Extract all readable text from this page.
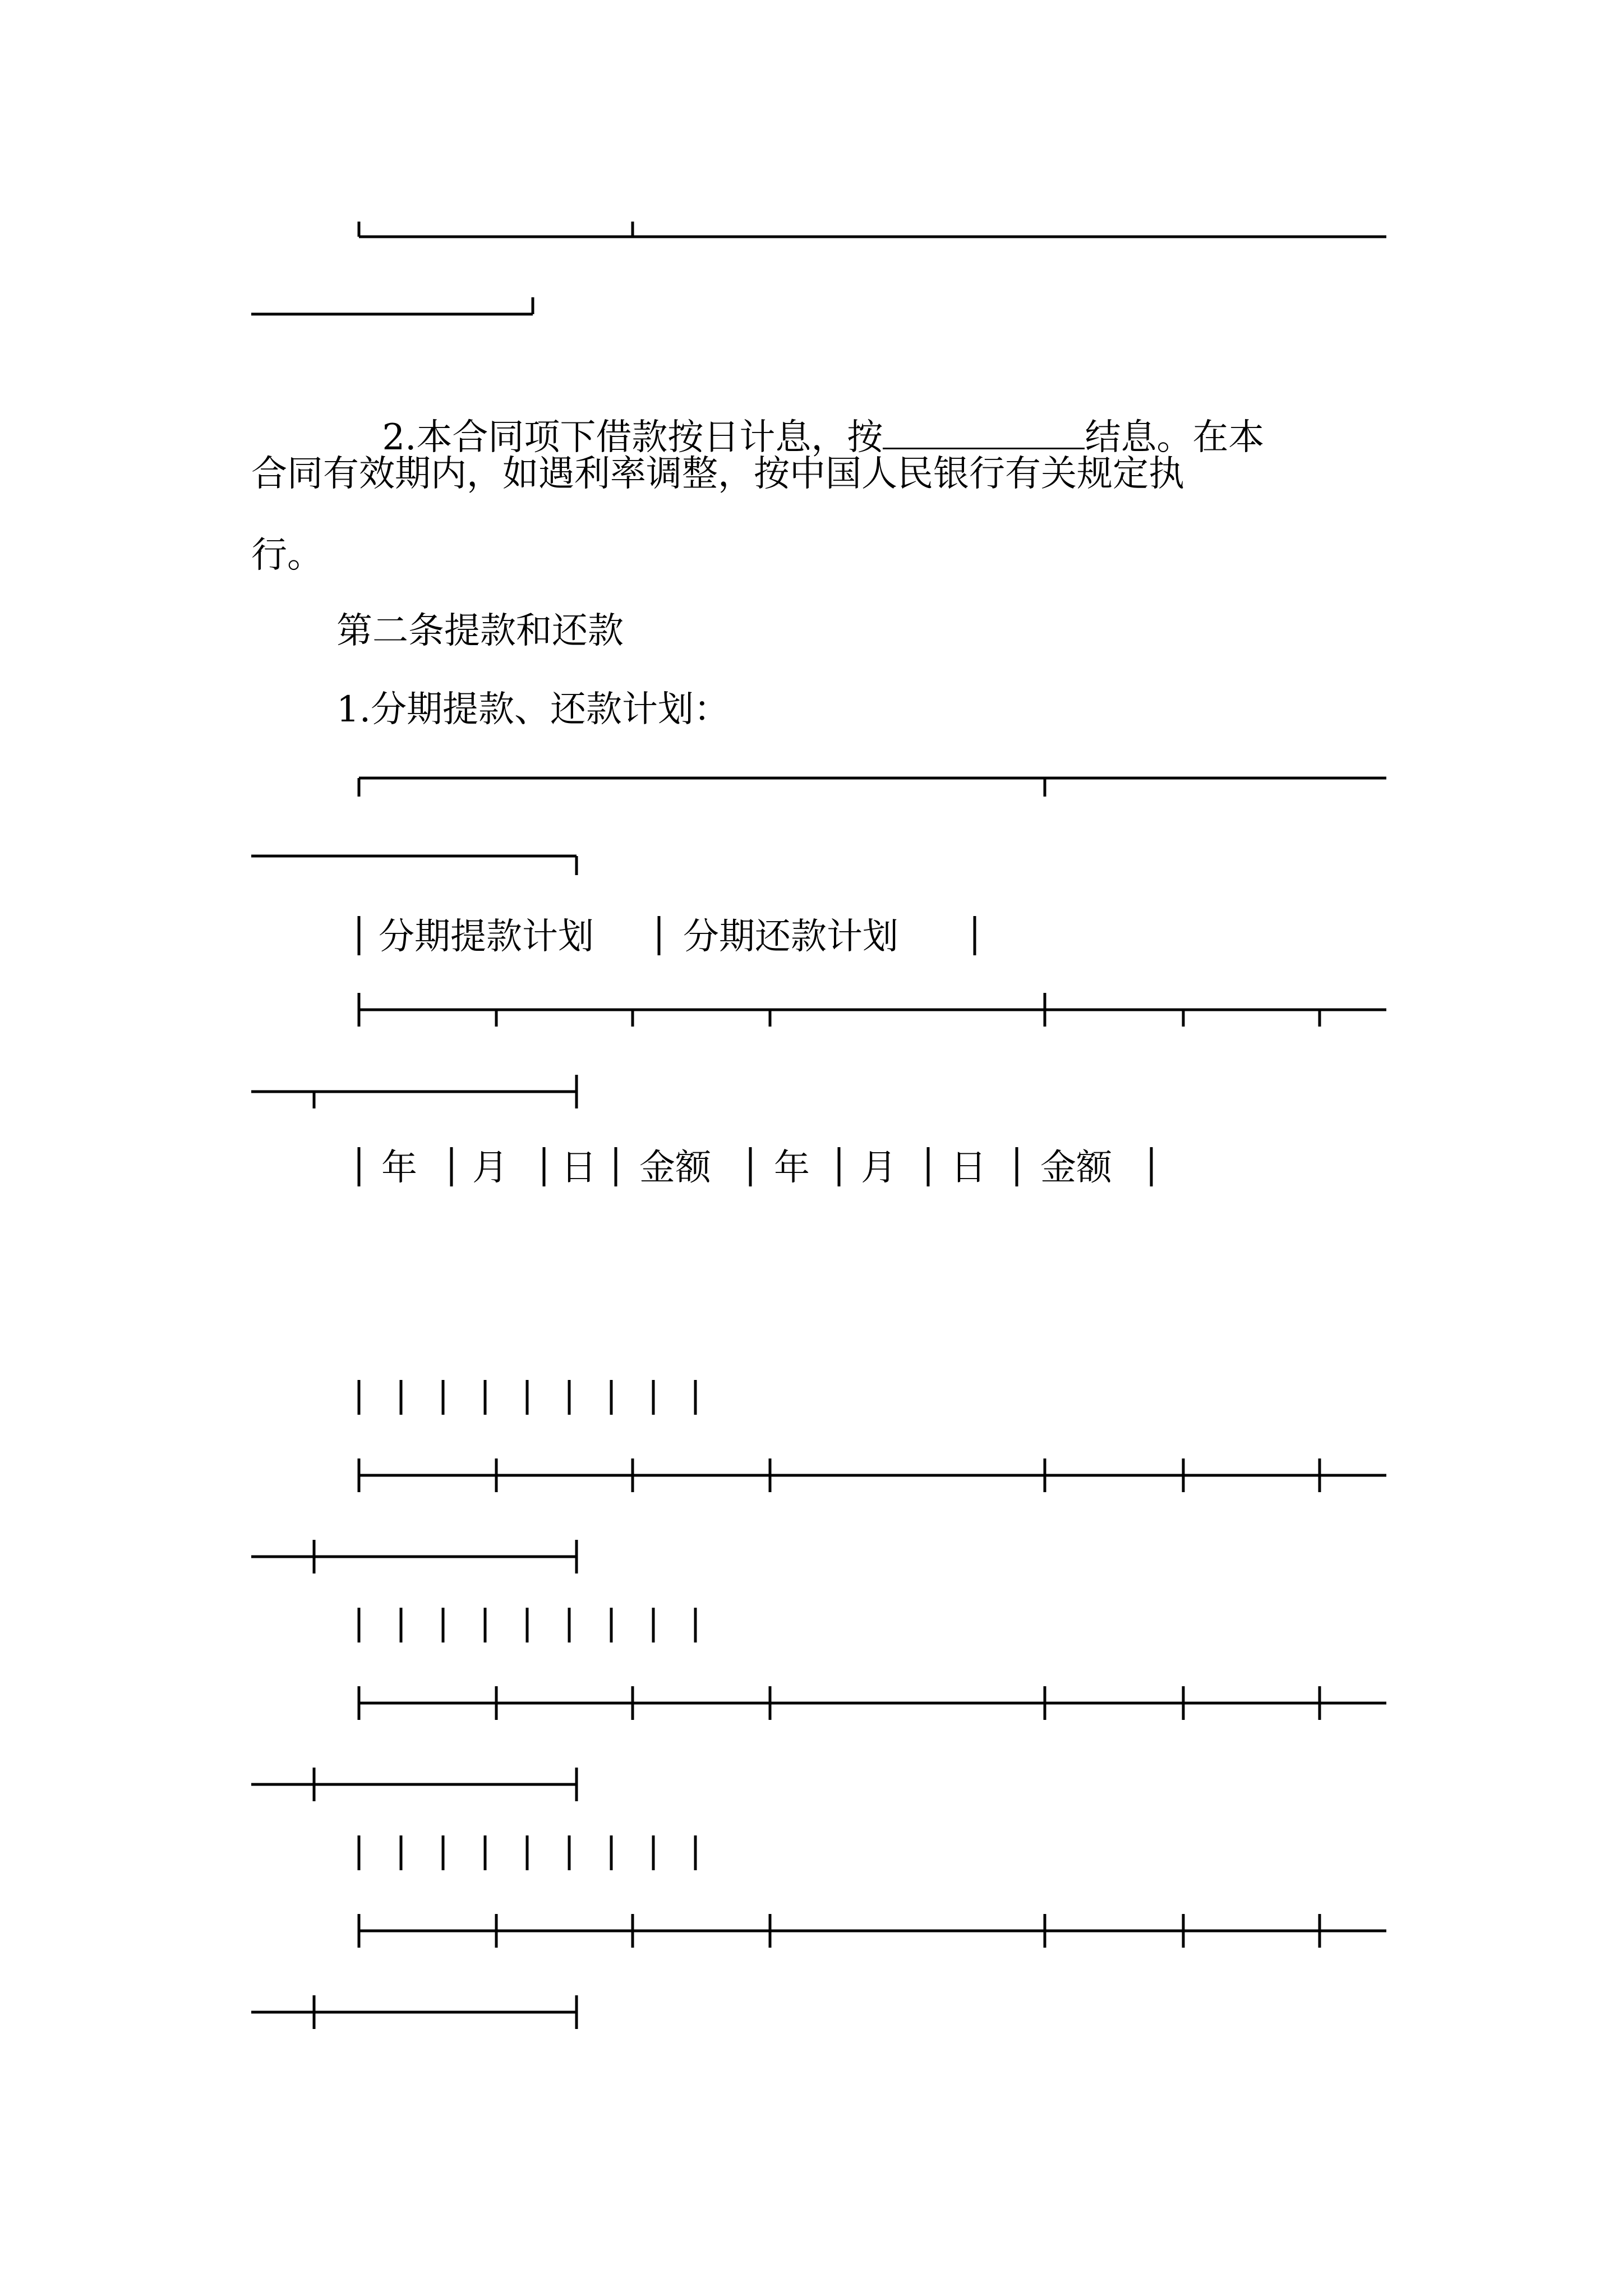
2.本合同项下借款按日计息，按	结息。在本

合同有效期内，如遇利率调整，按中国人民银行有关规定执
行。
第二条提款和还款
1.分期提款、还款计划：
分期提款计划 分期还款计划
年 月 日 金额 年 月 日 金额
